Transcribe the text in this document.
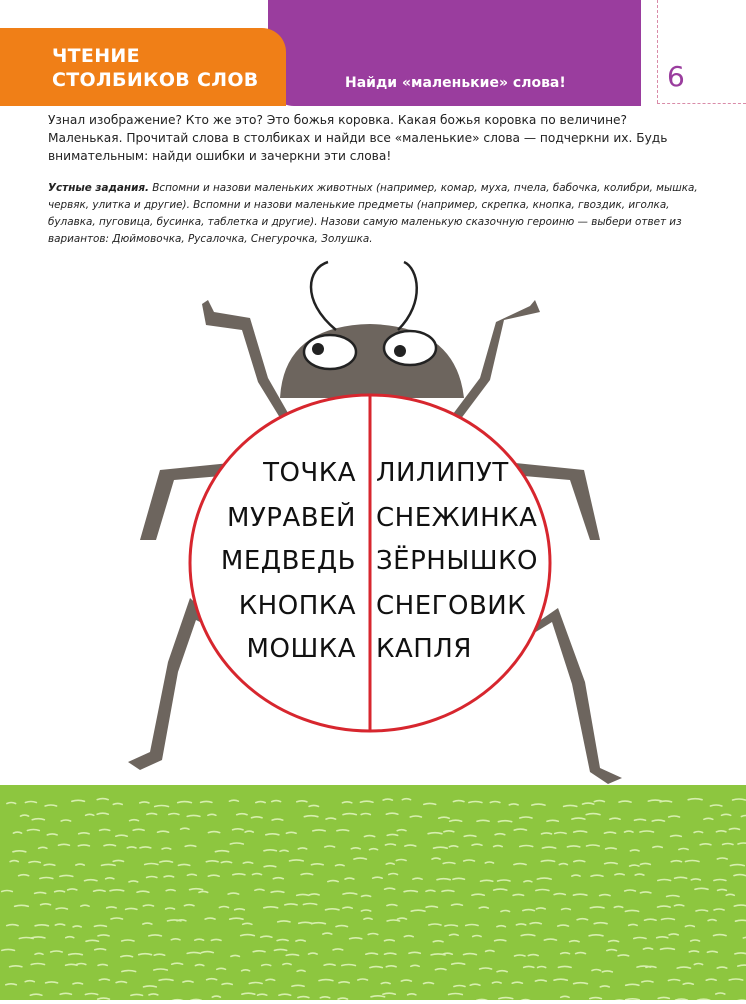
Найди «маленькие» слова!
ЧТЕНИЕ
СТОЛБИКОВ СЛОВ	6
Узнал изображение? Кто же это? Это божья коровка. Какая божья коровка по величине? Маленькая. Прочитай слова в столбиках и найди все «маленькие» слова — подчеркни их. Будь внимательным: найди ошибки и зачеркни эти слова!
Устные задания. Вспомни и назови маленьких животных (например, комар, муха, пчела, бабочка, колибри, мышка, червяк, улитка и другие). Вспомни и назови маленькие предметы (например, скрепка, кнопка, гвоздик, иголка, булавка, пуговица, бусинка, таблетка и другие). Назови самую маленькую сказочную героиню — выбери ответ из вариантов: Дюймовочка, Русалочка, Снегурочка, Золушка.
ТОЧКА
МУРАВЕЙ
МЕДВЕДЬ
КНОПКА
МОШКА
ЛИЛИПУТ
СНЕЖИНКА
ЗЁРНЫШКО
СНЕГОВИК
КАПЛЯ
